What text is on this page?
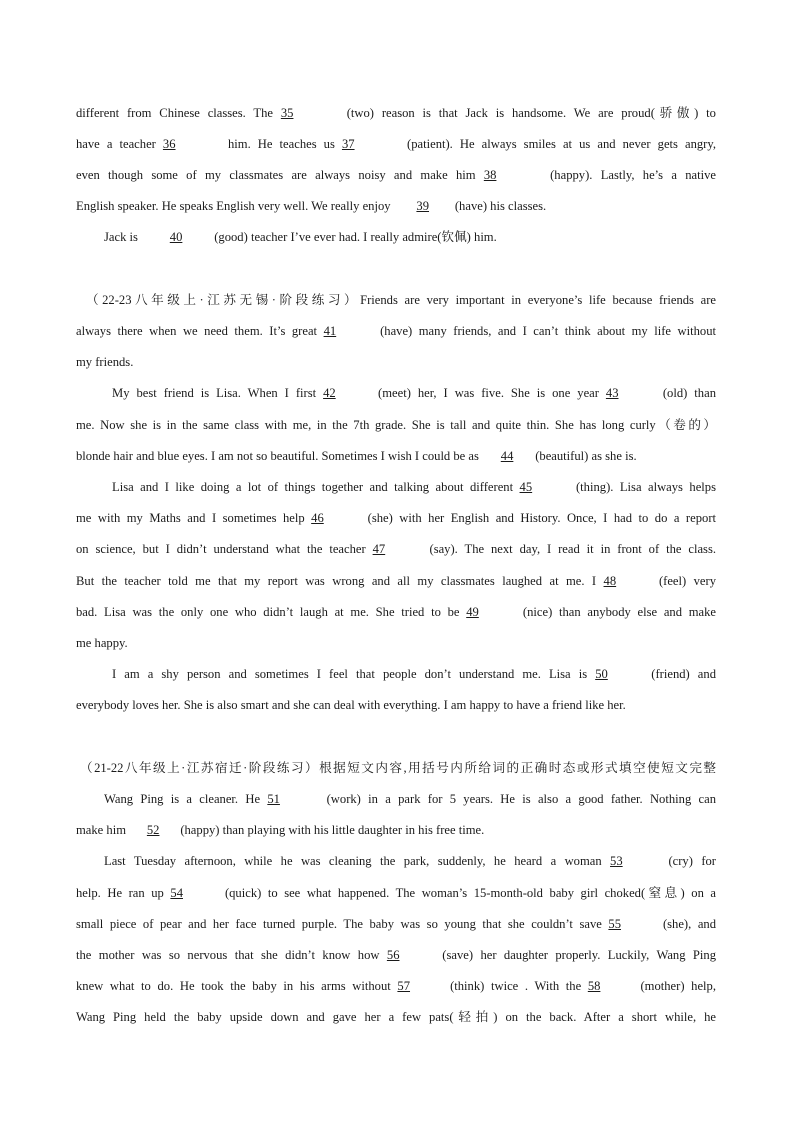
different from Chinese classes. The 35	(two) reason is that Jack is handsome. We are proud(骄傲) to
have a teacher 36	him. He teaches us 37	(patient). He always smiles at us and never gets angry,
even though some of my classmates are always noisy and make him 38	(happy). Lastly, he’s a native
English speaker. He speaks English very well. We really enjoy 39 (have) his classes.
Jack is 40 (good) teacher I’ve ever had. I really admire(钦佩) him.
（22-23八年级上·江苏无锡·阶段练习）Friends are very important in everyone’s life because friends are
always there when we need them. It’s great 41	(have) many friends, and I can’t think about my life without
my friends.
My best friend is Lisa. When I first 42	(meet) her, I was five. She is one year 43	(old) than
me. Now she is in the same class with me, in the 7th grade. She is tall and quite thin. She has long curly（卷的）
blonde hair and blue eyes. I am not so beautiful. Sometimes I wish I could be as 44 (beautiful) as she is.
Lisa and I like doing a lot of things together and talking about different 45	(thing). Lisa always helps
me with my Maths and I sometimes help 46	(she) with her English and History. Once, I had to do a report
on science, but I didn’t understand what the teacher 47	(say). The next day, I read it in front of the class.
But the teacher told me that my report was wrong and all my classmates laughed at me. I 48	(feel) very
bad. Lisa was the only one who didn’t laugh at me. She tried to be 49	(nice) than anybody else and make
me happy.
I am a shy person and sometimes I feel that people don’t understand me. Lisa is 50	(friend) and
everybody loves her. She is also smart and she can deal with everything. I am happy to have a friend like her.
（21-22八年级上·江苏宿迁·阶段练习）根据短文内容,用括号内所给词的正确时态或形式填空使短文完整
Wang Ping is a cleaner. He 51	(work) in a park for 5 years. He is also a good father. Nothing can
make him 52 (happy) than playing with his little daughter in his free time.
Last Tuesday afternoon, while he was cleaning the park, suddenly, he heard a woman 53	(cry) for
help. He ran up 54	(quick) to see what happened. The woman’s 15-month-old baby girl choked(窒息) on a
small piece of pear and her face turned purple. The baby was so young that she couldn’t save 55	(she), and
the mother was so nervous that she didn’t know how 56	(save) her daughter properly. Luckily, Wang Ping
knew what to do. He took the baby in his arms without 57	(think) twice . With the 58	(mother) help,
Wang Ping held the baby upside down and gave her a few pats(轻拍) on the back. After a short while, he
